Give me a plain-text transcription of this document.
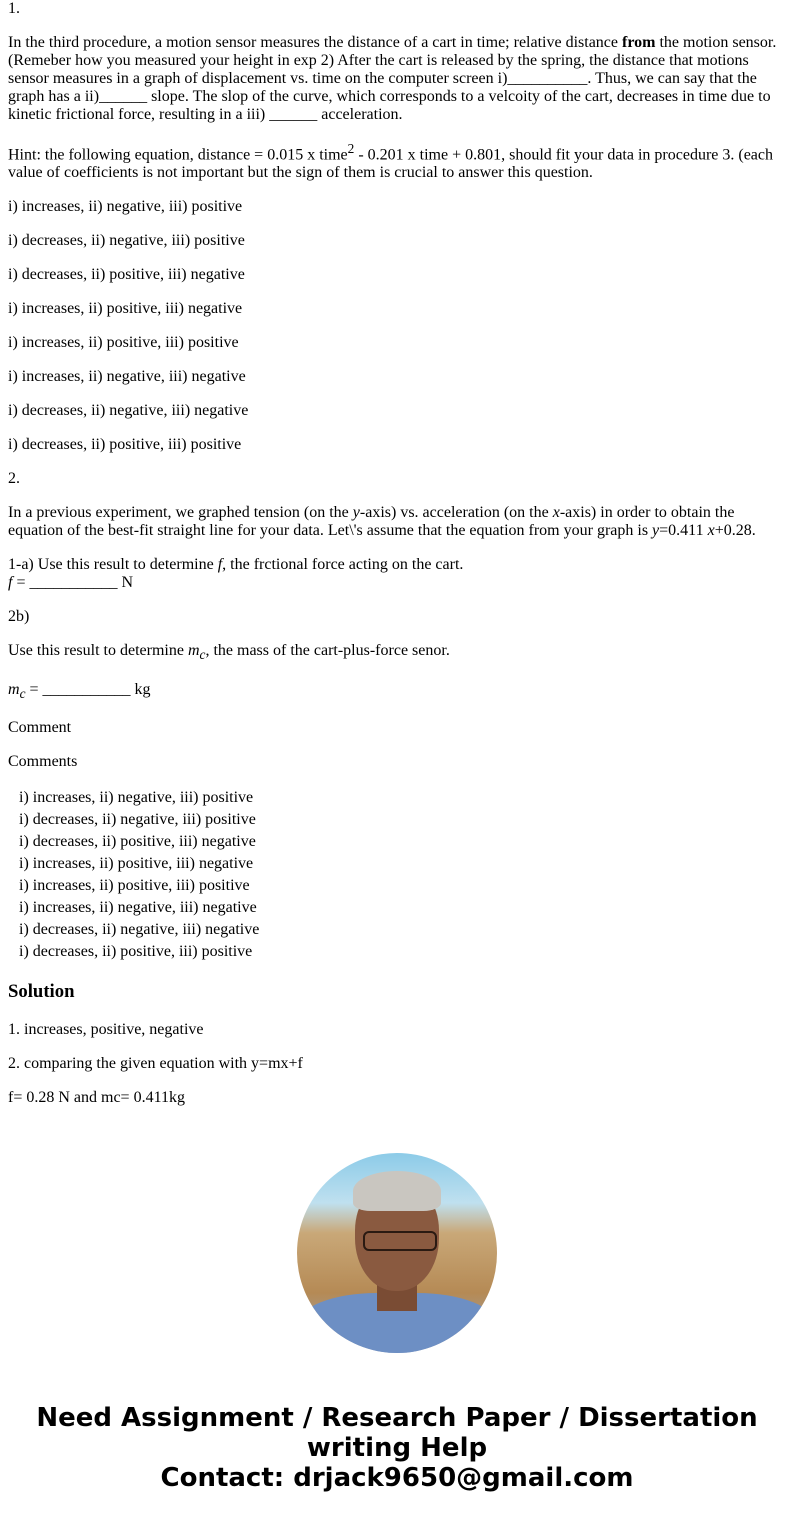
1.

In the third procedure, a motion sensor measures the distance of a cart in time; relative distance from the motion sensor. (Remeber how you measured your height in exp 2) After the cart is released by the spring, the distance that motions sensor measures in a graph of displacement vs. time on the computer screen i)__________. Thus, we can say that the graph has a ii)______ slope. The slop of the curve, which corresponds to a velcoity of the cart, decreases in time due to kinetic frictional force, resulting in a iii) ______ acceleration.

Hint: the following equation, distance = 0.015 x time$^2$ - 0.201 x time + 0.801, should fit your data in procedure 3. (each value of coefficients is not important but the sign of them is crucial to answer this question.

i) increases, ii) negative, iii) positive

i) decreases, ii) negative, iii) positive

i) decreases, ii) positive, iii) negative

i) increases, ii) positive, iii) negative

i) increases, ii) positive, iii) positive

i) increases, ii) negative, iii) negative

i) decreases, ii) negative, iii) negative

i) decreases, ii) positive, iii) positive

2.

In a previous experiment, we graphed tension (on the y-axis) vs. acceleration (on the x-axis) in order to obtain the equation of the best-fit straight line for your data. Let\'s assume that the equation from your graph is y=0.411 x+0.28.

1-a) Use this result to determine f, the frctional force acting on the cart.
f = ___________ N

2b)

Use this result to determine $m_c$, the mass of the cart-plus-force senor.

$m_c$ = ___________ kg

Comment

Comments

i) increases, ii) negative, iii) positive
i) decreases, ii) negative, iii) positive
i) decreases, ii) positive, iii) negative
i) increases, ii) positive, iii) negative
i) increases, ii) positive, iii) positive
i) increases, ii) negative, iii) negative
i) decreases, ii) negative, iii) negative
i) decreases, ii) positive, iii) positive
Solution

1. increases, positive, negative

2. comparing the given equation with y=mx+f

f= 0.28 N and mc= 0.411kg

Need Assignment / Research Paper / Dissertation writing Help
Contact: drjack9650@gmail.com
